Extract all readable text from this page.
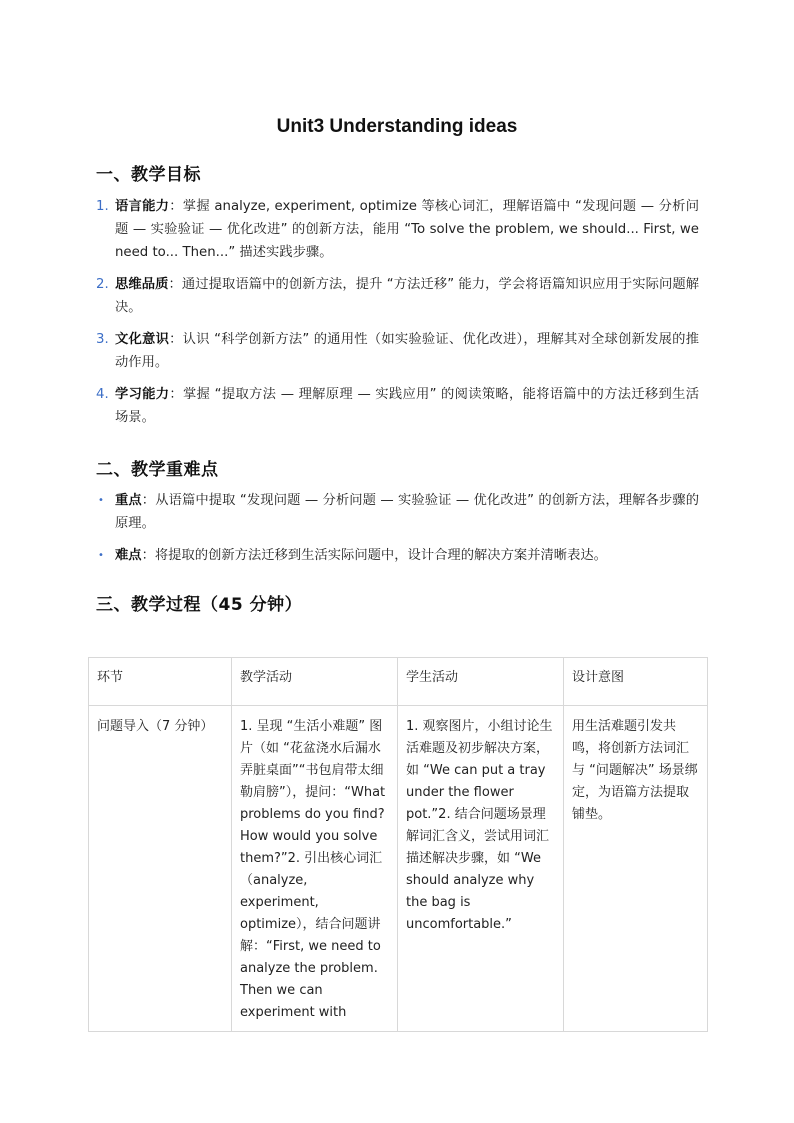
Unit3 Understanding ideas
一、教学目标
1. 语言能力：掌握 analyze, experiment, optimize 等核心词汇，理解语篇中 “发现问题 — 分析问题 — 实验验证 — 优化改进” 的创新方法，能用 “To solve the problem, we should... First, we need to... Then...” 描述实践步骤。
2. 思维品质：通过提取语篇中的创新方法，提升 “方法迁移” 能力，学会将语篇知识应用于实际问题解决。
3. 文化意识：认识 “科学创新方法” 的通用性（如实验验证、优化改进），理解其对全球创新发展的推动作用。
4. 学习能力：掌握 “提取方法 — 理解原理 — 实践应用” 的阅读策略，能将语篇中的方法迁移到生活场景。
二、教学重难点
• 重点：从语篇中提取 “发现问题 — 分析问题 — 实验验证 — 优化改进” 的创新方法，理解各步骤的原理。
• 难点：将提取的创新方法迁移到生活实际问题中，设计合理的解决方案并清晰表达。
三、教学过程（45 分钟）
环节	教学活动	学生活动	设计意图
问题导入（7 分钟）	1. 呈现 “生活小难题” 图片（如 “花盆浇水后漏水弄脏桌面”“书包肩带太细勒肩膀”），提问：“What problems do you find? How would you solve them?”2. 引出核心词汇（analyze, experiment, optimize），结合问题讲解：“First, we need to analyze the problem. Then we can experiment with	1. 观察图片，小组讨论生活难题及初步解决方案，如 “We can put a tray under the flower pot.”2. 结合问题场景理解词汇含义，尝试用词汇描述解决步骤，如 “We should analyze why the bag is uncomfortable.”	用生活难题引发共鸣，将创新方法词汇与 “问题解决” 场景绑定，为语篇方法提取铺垫。
